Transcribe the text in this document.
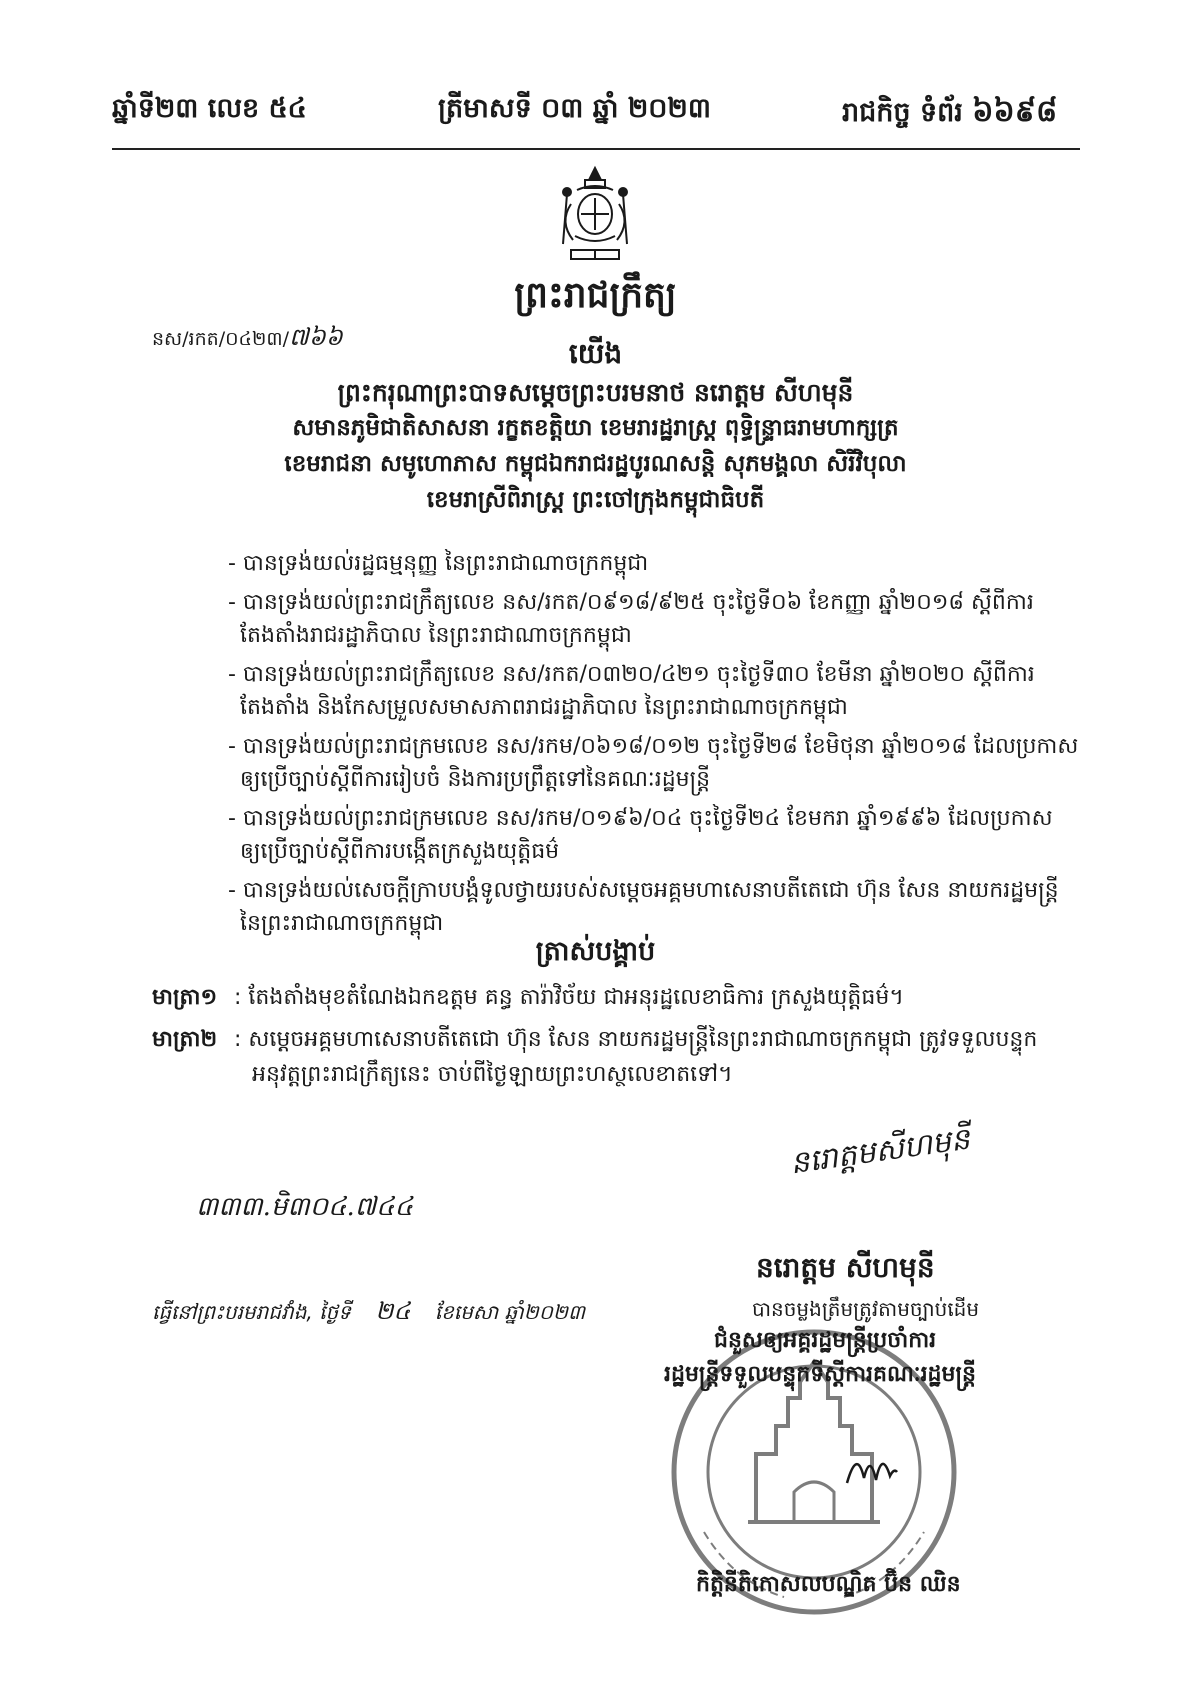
ឆ្នាំទី២៣ លេខ ៥៤	ត្រីមាសទី ០៣ ឆ្នាំ ២០២៣	រាជកិច្ច ទំព័រ ៦៦៩៨
ព្រះរាជក្រឹត្យ
នស/រកត/០៤២៣/៧៦៦	យើង
ព្រះករុណាព្រះបាទសម្តេចព្រះបរមនាថ នរោត្តម សីហមុនី
សមានភូមិជាតិសាសនា រក្ខតខត្តិយា ខេមរារដ្ឋរាស្ត្រ ពុទ្ធិន្ទ្រាធរាមហាក្សត្រ
ខេមរាជនា សមូហោភាស កម្ពុជឯករាជរដ្ឋបូរណសន្តិ សុភមង្គលា សិរីវិបុលា
ខេមរាស្រីពិរាស្ត្រ ព្រះចៅក្រុងកម្ពុជាធិបតី
- បានទ្រង់យល់រដ្ឋធម្មនុញ្ញ នៃព្រះរាជាណាចក្រកម្ពុជា
- បានទ្រង់យល់ព្រះរាជក្រឹត្យលេខ នស/រកត/០៩១៨/៩២៥ ចុះថ្ងៃទី០៦ ខែកញ្ញា ឆ្នាំ២០១៨ ស្តីពីការ
តែងតាំងរាជរដ្ឋាភិបាល នៃព្រះរាជាណាចក្រកម្ពុជា
- បានទ្រង់យល់ព្រះរាជក្រឹត្យលេខ នស/រកត/០៣២០/៤២១ ចុះថ្ងៃទី៣០ ខែមីនា ឆ្នាំ២០២០ ស្តីពីការ
តែងតាំង និងកែសម្រួលសមាសភាពរាជរដ្ឋាភិបាល នៃព្រះរាជាណាចក្រកម្ពុជា
- បានទ្រង់យល់ព្រះរាជក្រមលេខ នស/រកម/០៦១៨/០១២ ចុះថ្ងៃទី២៨ ខែមិថុនា ឆ្នាំ២០១៨ ដែលប្រកាស
ឲ្យប្រើច្បាប់ស្តីពីការរៀបចំ និងការប្រព្រឹត្តទៅនៃគណៈរដ្ឋមន្ត្រី
- បានទ្រង់យល់ព្រះរាជក្រមលេខ នស/រកម/០១៩៦/០៤ ចុះថ្ងៃទី២៤ ខែមករា ឆ្នាំ១៩៩៦ ដែលប្រកាស
ឲ្យប្រើច្បាប់ស្តីពីការបង្កើតក្រសួងយុត្តិធម៌
- បានទ្រង់យល់សេចក្តីក្រាបបង្គំទូលថ្វាយរបស់សម្តេចអគ្គមហាសេនាបតីតេជោ ហ៊ុន សែន នាយករដ្ឋមន្ត្រី
នៃព្រះរាជាណាចក្រកម្ពុជា
ត្រាស់បង្គាប់
មាត្រា១ : តែងតាំងមុខតំណែងឯកឧត្តម គន្ធ តារ៉ាវិច័យ ជាអនុរដ្ឋលេខាធិការ ក្រសួងយុត្តិធម៌។
មាត្រា២ : សម្តេចអគ្គមហាសេនាបតីតេជោ ហ៊ុន សែន នាយករដ្ឋមន្ត្រីនៃព្រះរាជាណាចក្រកម្ពុជា ត្រូវទទួលបន្ទុក
អនុវត្តព្រះរាជក្រឹត្យនេះ ចាប់ពីថ្ងៃឡាយព្រះហស្ថលេខាតទៅ។
នរោត្តមសីហមុនី
៣៣៣.មិ៣០៤.៧៤៤
នរោត្តម សីហមុនី
ធ្វើនៅព្រះបរមរាជវាំង, ថ្ងៃទី ២៤ ខែមេសា ឆ្នាំ២០២៣	បានចម្លងត្រឹមត្រូវតាមច្បាប់ដើម
ជំនួសឲ្យអគ្គរដ្ឋមន្ត្រីប្រចាំការ
រដ្ឋមន្ត្រីទទួលបន្ទុកទីស្តីការគណៈរដ្ឋមន្ត្រី
កិត្តិនីតិកោសលបណ្ឌិត ប៊ិន ឈិន
